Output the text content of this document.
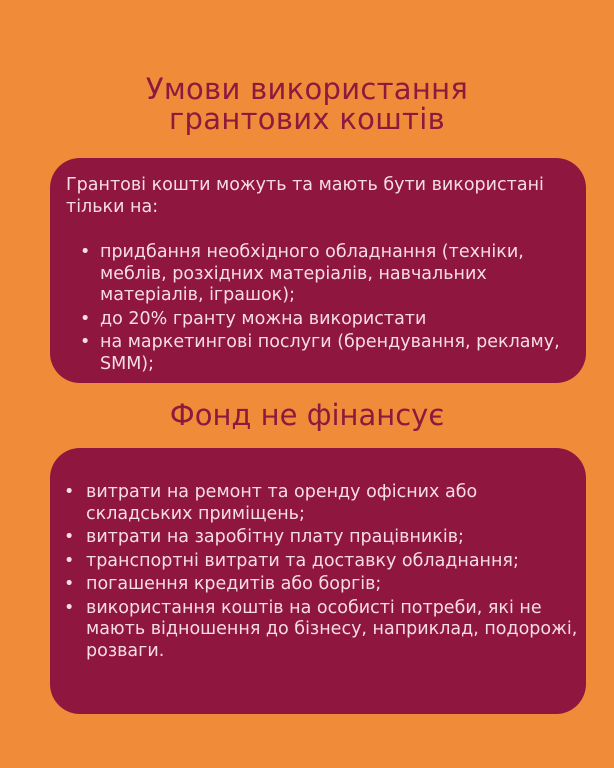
Умови використання
грантових коштів
Грантові кошти можуть та мають бути використані тільки на:
• придбання необхідного обладнання (техніки, меблів, розхідних матеріалів, навчальних матеріалів, іграшок);
• до 20% гранту можна використати
• на маркетингові послуги (брендування, рекламу, SMM);
Фонд не фінансує
• витрати на ремонт та оренду офісних або складських приміщень;
• витрати на заробітну плату працівників;
• транспортні витрати та доставку обладнання;
• погашення кредитів або боргів;
• використання коштів на особисті потреби, які не мають відношення до бізнесу, наприклад, подорожі, розваги.
